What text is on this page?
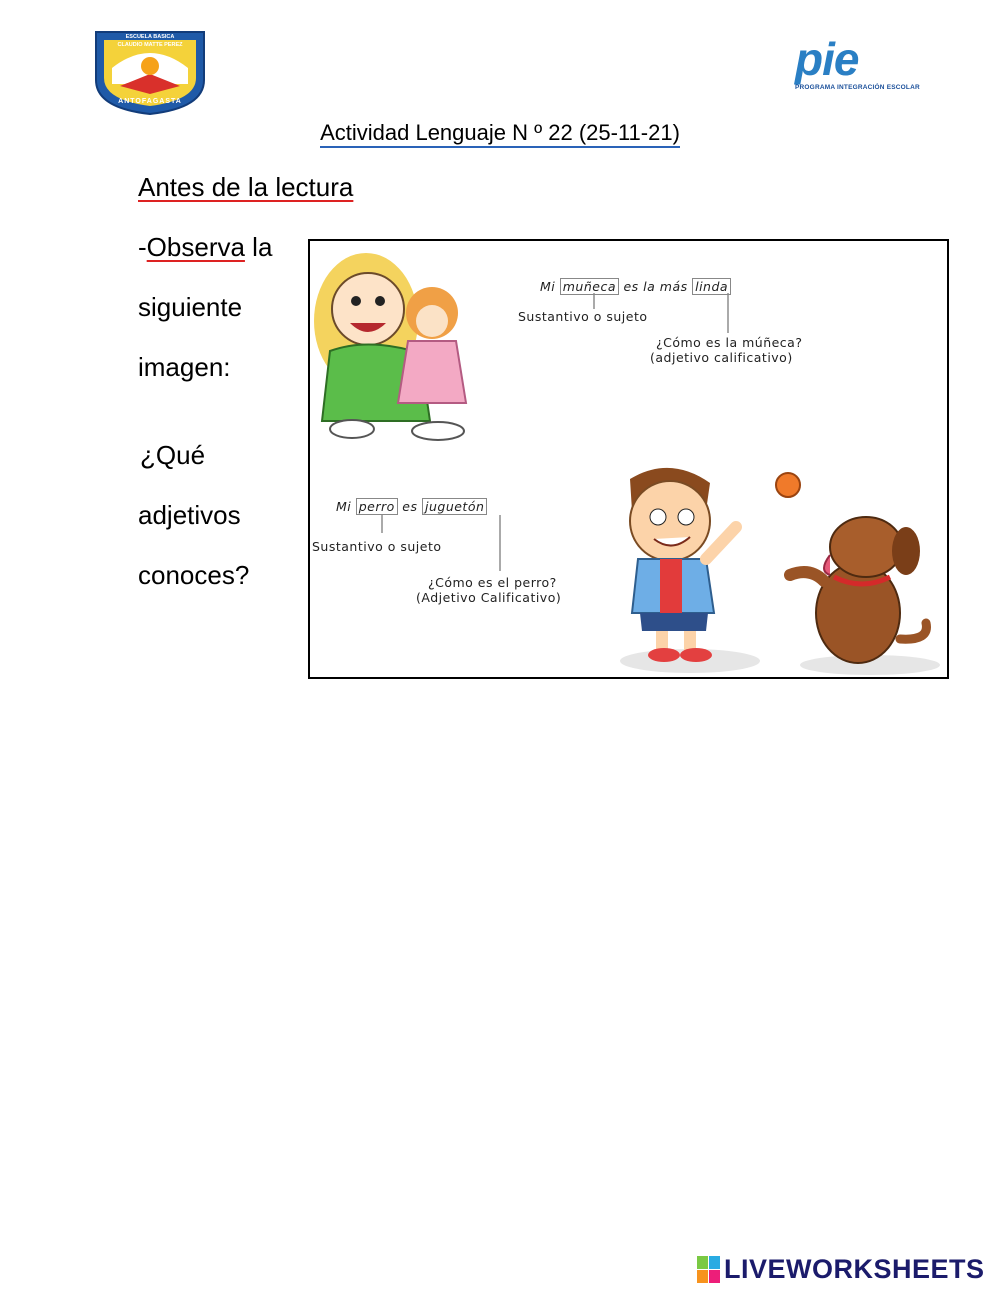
ESCUELA BASICA
CLAUDIO MATTE PEREZ
ANTOFAGASTA
pie
PROGRAMA INTEGRACIÓN ESCOLAR
Actividad Lenguaje N º 22 (25-11-21)
Antes de la lectura
-Observa la
siguiente
imagen:
¿Qué
adjetivos
conoces?
Mi muñeca es la más linda
Sustantivo o sujeto
¿Cómo es la múñeca?
(adjetivo calificativo)
Mi perro es juguetón
Sustantivo o sujeto
¿Cómo es el perro?
(Adjetivo Calificativo)
LIVEWORKSHEETS
